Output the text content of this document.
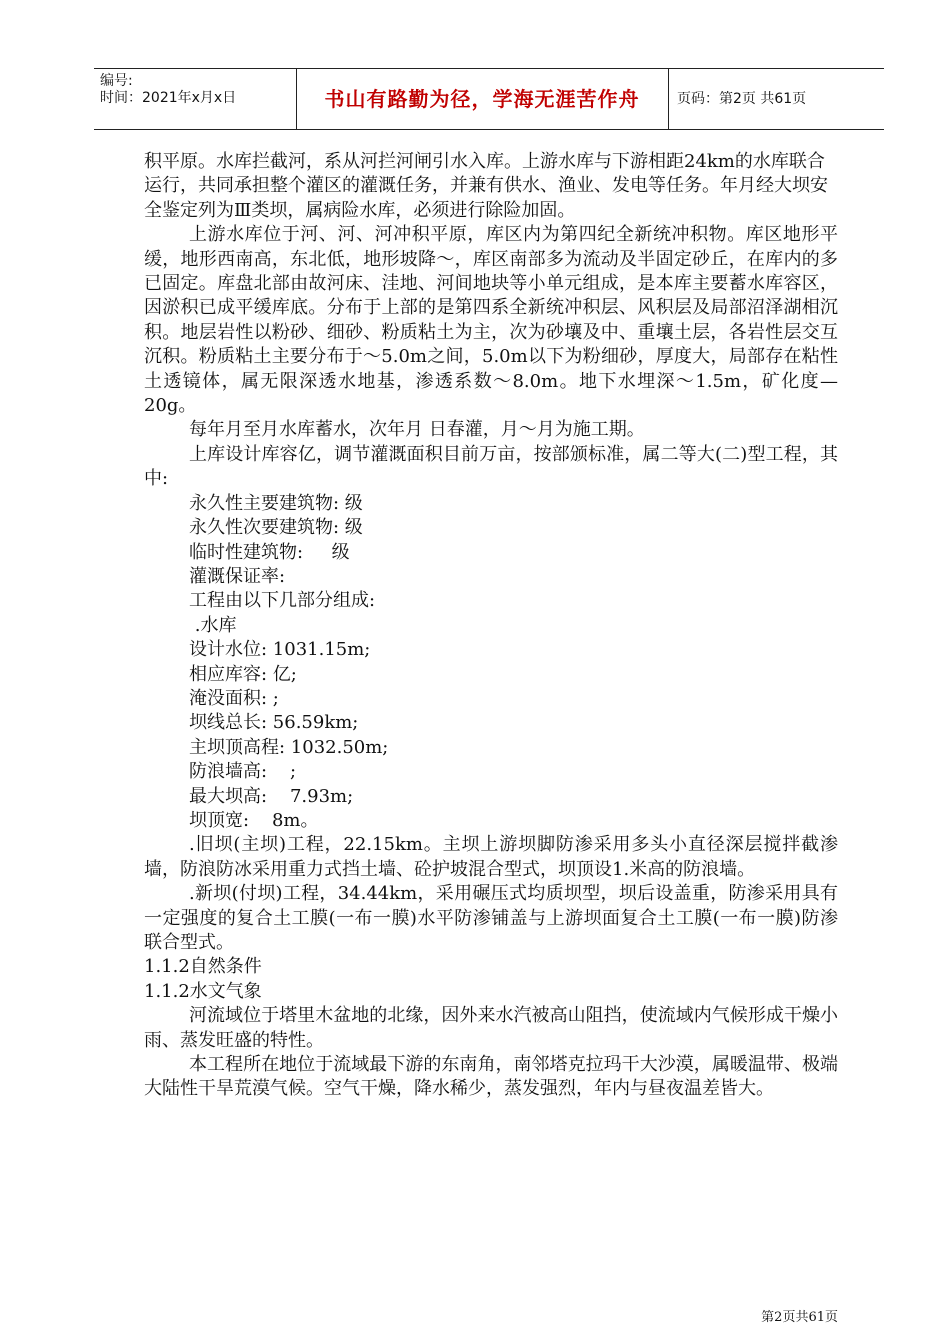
编号:
时间：2021年x月x日	书山有路勤为径，学海无涯苦作舟	页码：第2页 共61页

积平原。水库拦截河，系从河拦河闸引水入库。上游水库与下游相距24km的水库联合运行，共同承担整个灌区的灌溉任务，并兼有供水、渔业、发电等任务。年月经大坝安全鉴定列为Ⅲ类坝，属病险水库，必须进行除险加固。

上游水库位于河、河、河冲积平原，库区内为第四纪全新统冲积物。库区地形平缓，地形西南高，东北低，地形坡降～，库区南部多为流动及半固定砂丘，在库内的多已固定。库盘北部由故河床、洼地、河间地块等小单元组成，是本库主要蓄水库容区，因淤积已成平缓库底。分布于上部的是第四系全新统冲积层、风积层及局部沼泽湖相沉积。地层岩性以粉砂、细砂、粉质粘土为主，次为砂壤及中、重壤土层，各岩性层交互沉积。粉质粘土主要分布于～5.0m之间，5.0m以下为粉细砂，厚度大，局部存在粘性土透镜体，属无限深透水地基，渗透系数～8.0m。地下水埋深～1.5m，矿化度—20g。

每年月至月水库蓄水，次年月 日春灌，月～月为施工期。

上库设计库容亿，调节灌溉面积目前万亩，按部颁标准，属二等大(二)型工程，其中:

永久性主要建筑物: 级

永久性次要建筑物: 级

临时性建筑物:     级

灌溉保证率:

工程由以下几部分组成:

.水库

设计水位: 1031.15m;

相应库容: 亿;

淹没面积: ;

坝线总长: 56.59km;

主坝顶高程: 1032.50m;

防浪墙高:    ;

最大坝高:    7.93m;

坝顶宽:    8m。

.旧坝(主坝)工程，22.15km。主坝上游坝脚防渗采用多头小直径深层搅拌截渗墙，防浪防冰采用重力式挡土墙、砼护坡混合型式，坝顶设1.米高的防浪墙。

.新坝(付坝)工程，34.44km，采用碾压式均质坝型，坝后设盖重，防渗采用具有一定强度的复合土工膜(一布一膜)水平防渗铺盖与上游坝面复合土工膜(一布一膜)防渗联合型式。

1.1.2自然条件

1.1.2水文气象

河流域位于塔里木盆地的北缘，因外来水汽被高山阻挡，使流域内气候形成干燥小雨、蒸发旺盛的特性。

本工程所在地位于流域最下游的东南角，南邻塔克拉玛干大沙漠，属暖温带、极端大陆性干旱荒漠气候。空气干燥，降水稀少，蒸发强烈，年内与昼夜温差皆大。

第2页共61页
